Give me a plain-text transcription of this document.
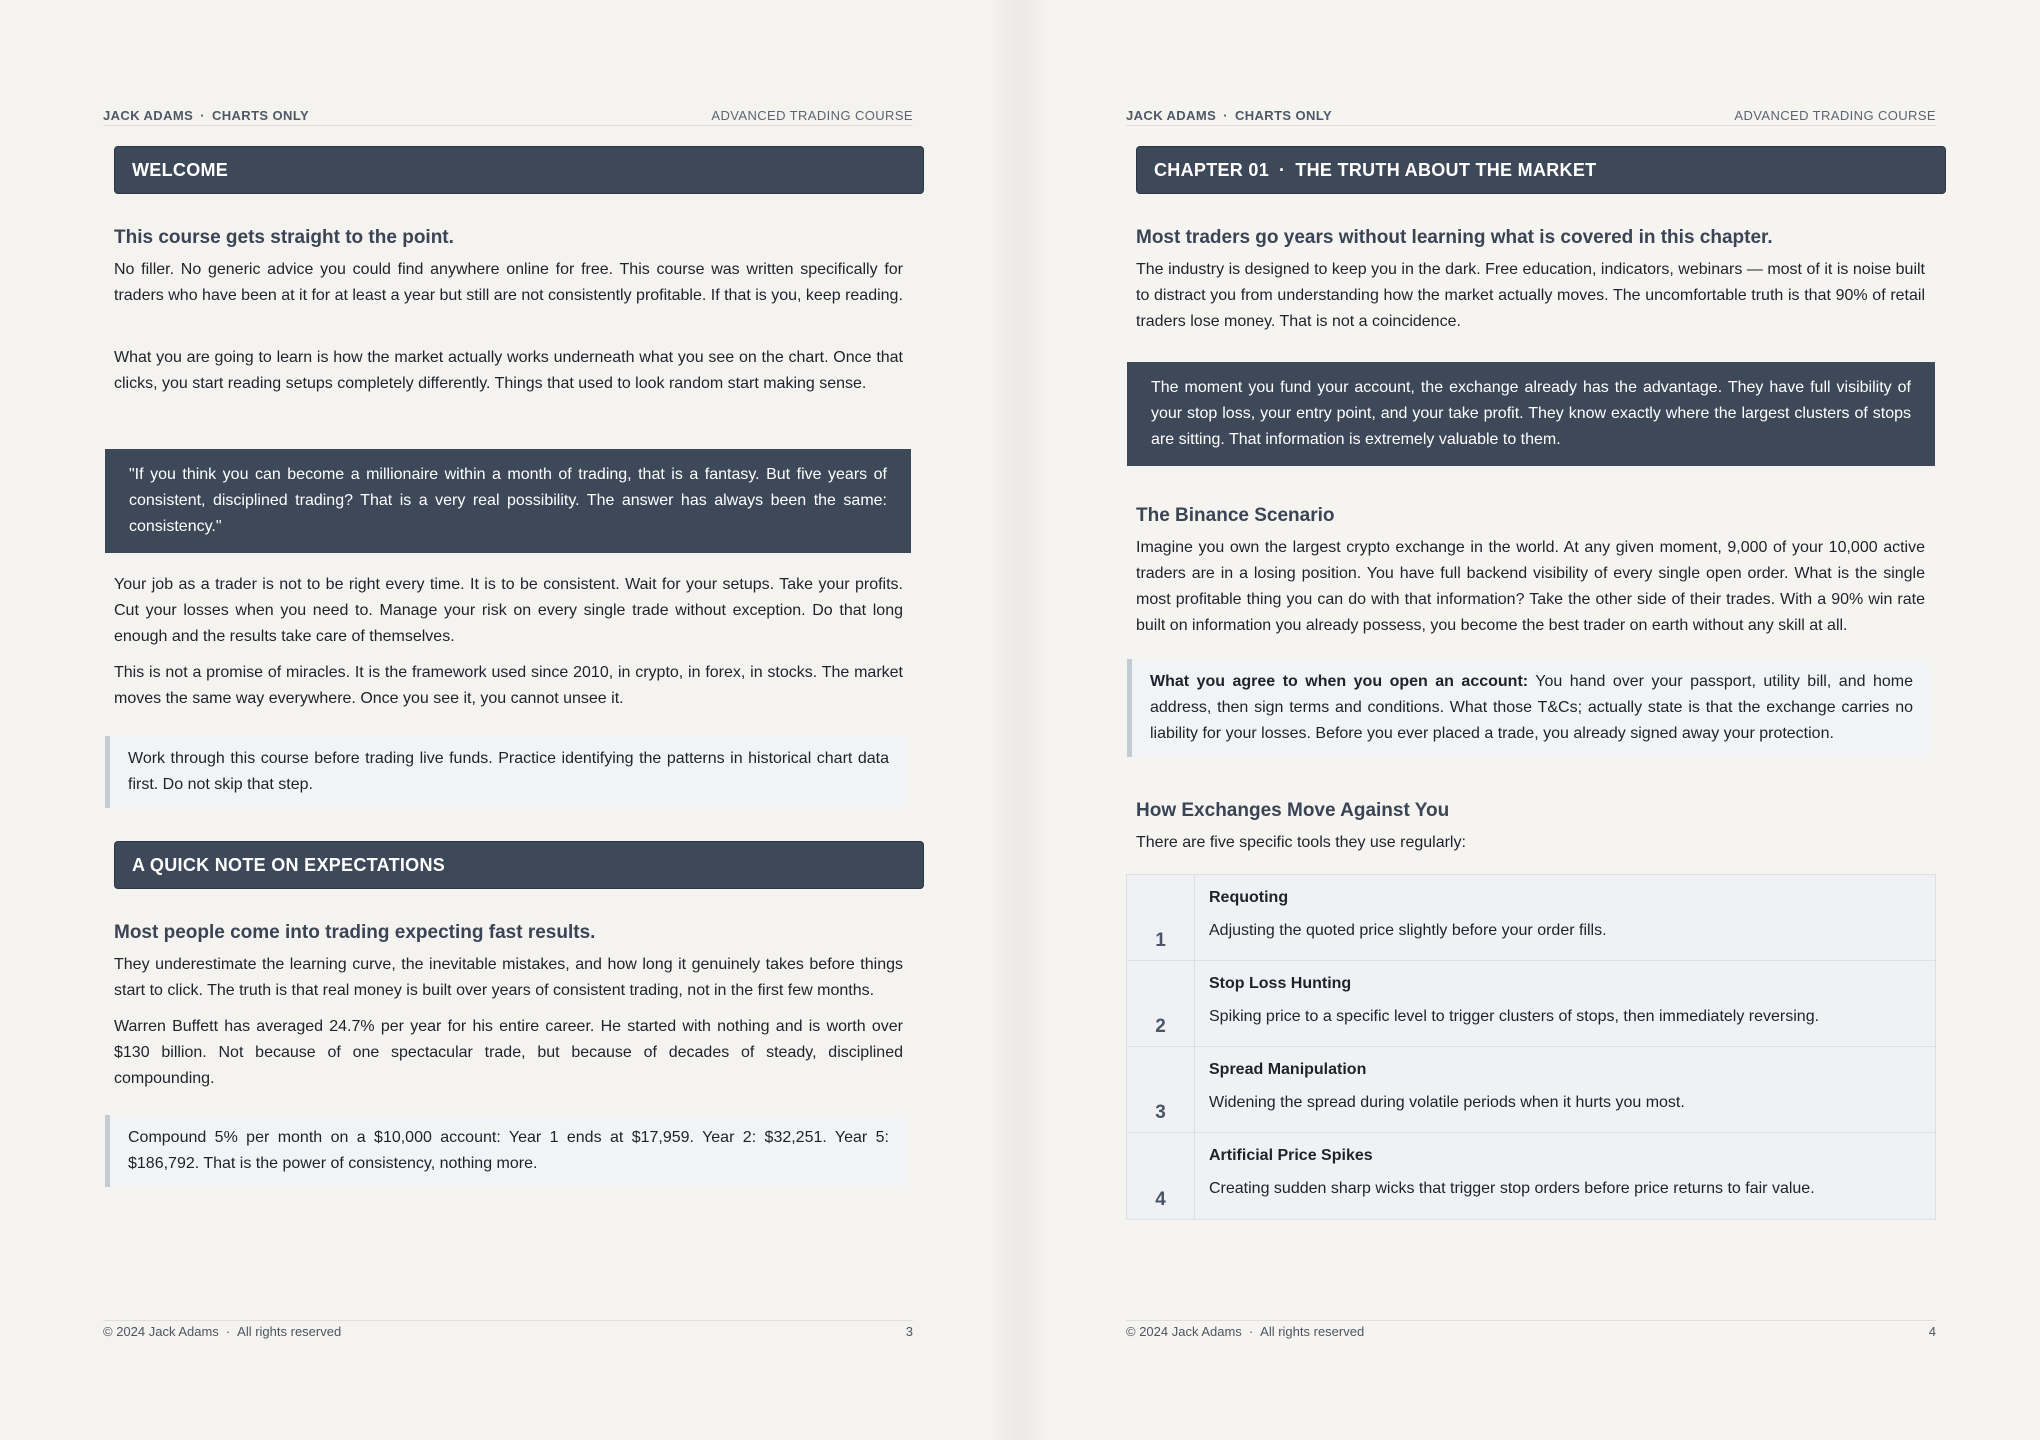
JACK ADAMS · CHARTS ONLY	ADVANCED TRADING COURSE
WELCOME
This course gets straight to the point.
No filler. No generic advice you could find anywhere online for free. This course was written specifically for traders who have been at it for at least a year but still are not consistently profitable. If that is you, keep reading.
What you are going to learn is how the market actually works underneath what you see on the chart. Once that clicks, you start reading setups completely differently. Things that used to look random start making sense.
"If you think you can become a millionaire within a month of trading, that is a fantasy. But five years of consistent, disciplined trading? That is a very real possibility. The answer has always been the same: consistency."
Your job as a trader is not to be right every time. It is to be consistent. Wait for your setups. Take your profits. Cut your losses when you need to. Manage your risk on every single trade without exception. Do that long enough and the results take care of themselves.
This is not a promise of miracles. It is the framework used since 2010, in crypto, in forex, in stocks. The market moves the same way everywhere. Once you see it, you cannot unsee it.
Work through this course before trading live funds. Practice identifying the patterns in historical chart data first. Do not skip that step.
A QUICK NOTE ON EXPECTATIONS
Most people come into trading expecting fast results.
They underestimate the learning curve, the inevitable mistakes, and how long it genuinely takes before things start to click. The truth is that real money is built over years of consistent trading, not in the first few months.
Warren Buffett has averaged 24.7% per year for his entire career. He started with nothing and is worth over $130 billion. Not because of one spectacular trade, but because of decades of steady, disciplined compounding.
Compound 5% per month on a $10,000 account: Year 1 ends at $17,959. Year 2: $32,251. Year 5: $186,792. That is the power of consistency, nothing more.
© 2024 Jack Adams · All rights reserved	3
JACK ADAMS · CHARTS ONLY	ADVANCED TRADING COURSE
CHAPTER 01 · THE TRUTH ABOUT THE MARKET
Most traders go years without learning what is covered in this chapter.
The industry is designed to keep you in the dark. Free education, indicators, webinars — most of it is noise built to distract you from understanding how the market actually moves. The uncomfortable truth is that 90% of retail traders lose money. That is not a coincidence.
The moment you fund your account, the exchange already has the advantage. They have full visibility of your stop loss, your entry point, and your take profit. They know exactly where the largest clusters of stops are sitting. That information is extremely valuable to them.
The Binance Scenario
Imagine you own the largest crypto exchange in the world. At any given moment, 9,000 of your 10,000 active traders are in a losing position. You have full backend visibility of every single open order. What is the single most profitable thing you can do with that information? Take the other side of their trades. With a 90% win rate built on information you already possess, you become the best trader on earth without any skill at all.
What you agree to when you open an account: You hand over your passport, utility bill, and home address, then sign terms and conditions. What those T&Cs; actually state is that the exchange carries no liability for your losses. Before you ever placed a trade, you already signed away your protection.
How Exchanges Move Against You
There are five specific tools they use regularly:
1
Requoting
Adjusting the quoted price slightly before your order fills.
2
Stop Loss Hunting
Spiking price to a specific level to trigger clusters of stops, then immediately reversing.
3
Spread Manipulation
Widening the spread during volatile periods when it hurts you most.
4
Artificial Price Spikes
Creating sudden sharp wicks that trigger stop orders before price returns to fair value.
© 2024 Jack Adams · All rights reserved	4
